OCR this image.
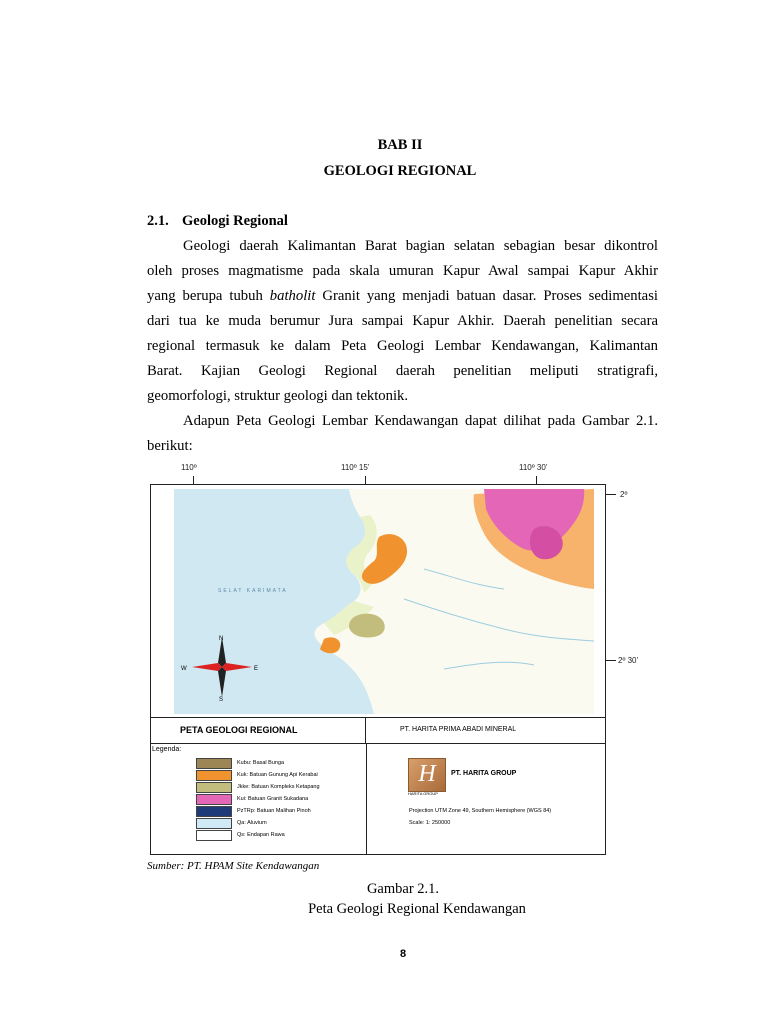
BAB II
GEOLOGI REGIONAL
2.1. Geologi Regional
Geologi daerah Kalimantan Barat bagian selatan sebagian besar dikontrol
oleh proses magmatisme pada skala umuran Kapur Awal sampai Kapur Akhir
yang berupa tubuh batholit Granit yang menjadi batuan dasar. Proses sedimentasi
dari tua ke muda berumur Jura sampai Kapur Akhir. Daerah penelitian secara
regional termasuk ke dalam Peta Geologi Lembar Kendawangan, Kalimantan
Barat. Kajian Geologi Regional daerah penelitian meliputi stratigrafi,
geomorfologi, struktur geologi dan tektonik.
Adapun Peta Geologi Lembar Kendawangan dapat dilihat pada Gambar 2.1.
berikut:
110º	110º 15’	110º 30’
SELAT KARIMATA
N
S
W	E
2º
2º 30’
PETA GEOLOGI REGIONAL	PT. HARITA PRIMA ABADI MINERAL
Legenda:
Kubu: Basal Bunga
Kuk: Batuan Gunung Api Kerabai
Jkke: Batuan Kompleks Ketapang
Kui: Batuan Granit Sukadana
PzTRp: Batuan Malihan Pinoh
Qa: Aluvium
Qs: Endapan Rawa
H
HARITA GROUP
PT. HARITA GROUP
Projection UTM Zone 49, Southern Hemisphere (WGS 84)
Scale: 1: 250000
Sumber: PT. HPAM Site Kendawangan
Gambar 2.1.
Peta Geologi Regional Kendawangan
8
